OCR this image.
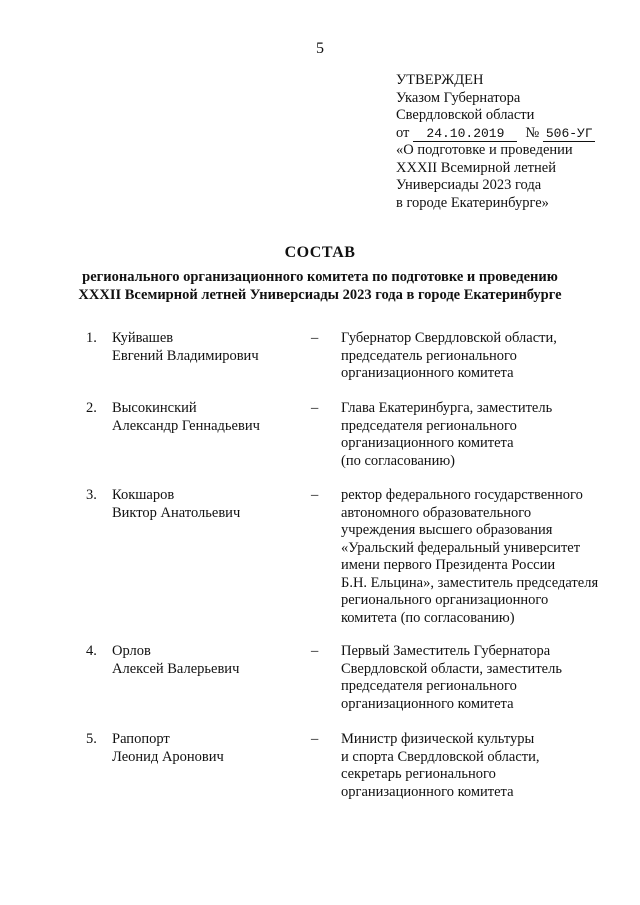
5
УТВЕРЖДЕН
Указом Губернатора
Свердловской области
от	24.10.2019	№ 506-УГ
«О подготовке и проведении
XXXII Всемирной летней
Универсиады 2023 года
в городе Екатеринбурге»
СОСТАВ
регионального организационного комитета по подготовке и проведению
XXXII Всемирной летней Универсиады 2023 года в городе Екатеринбурге
1.	Куйвашев
Евгений Владимирович
– Губернатор Свердловской области,
председатель регионального
организационного комитета
2.	Высокинский
Александр Геннадьевич
– Глава Екатеринбурга, заместитель
председателя регионального
организационного комитета
(по согласованию)
3.	Кокшаров
Виктор Анатольевич
– ректор федерального государственного
автономного образовательного
учреждения высшего образования
«Уральский федеральный университет
имени первого Президента России
Б.Н. Ельцина», заместитель председателя
регионального организационного
комитета (по согласованию)
4.	Орлов
Алексей Валерьевич
– Первый Заместитель Губернатора
Свердловской области, заместитель
председателя регионального
организационного комитета
5.	Рапопорт
Леонид Аронович
– Министр физической культуры
и спорта Свердловской области,
секретарь регионального
организационного комитета
